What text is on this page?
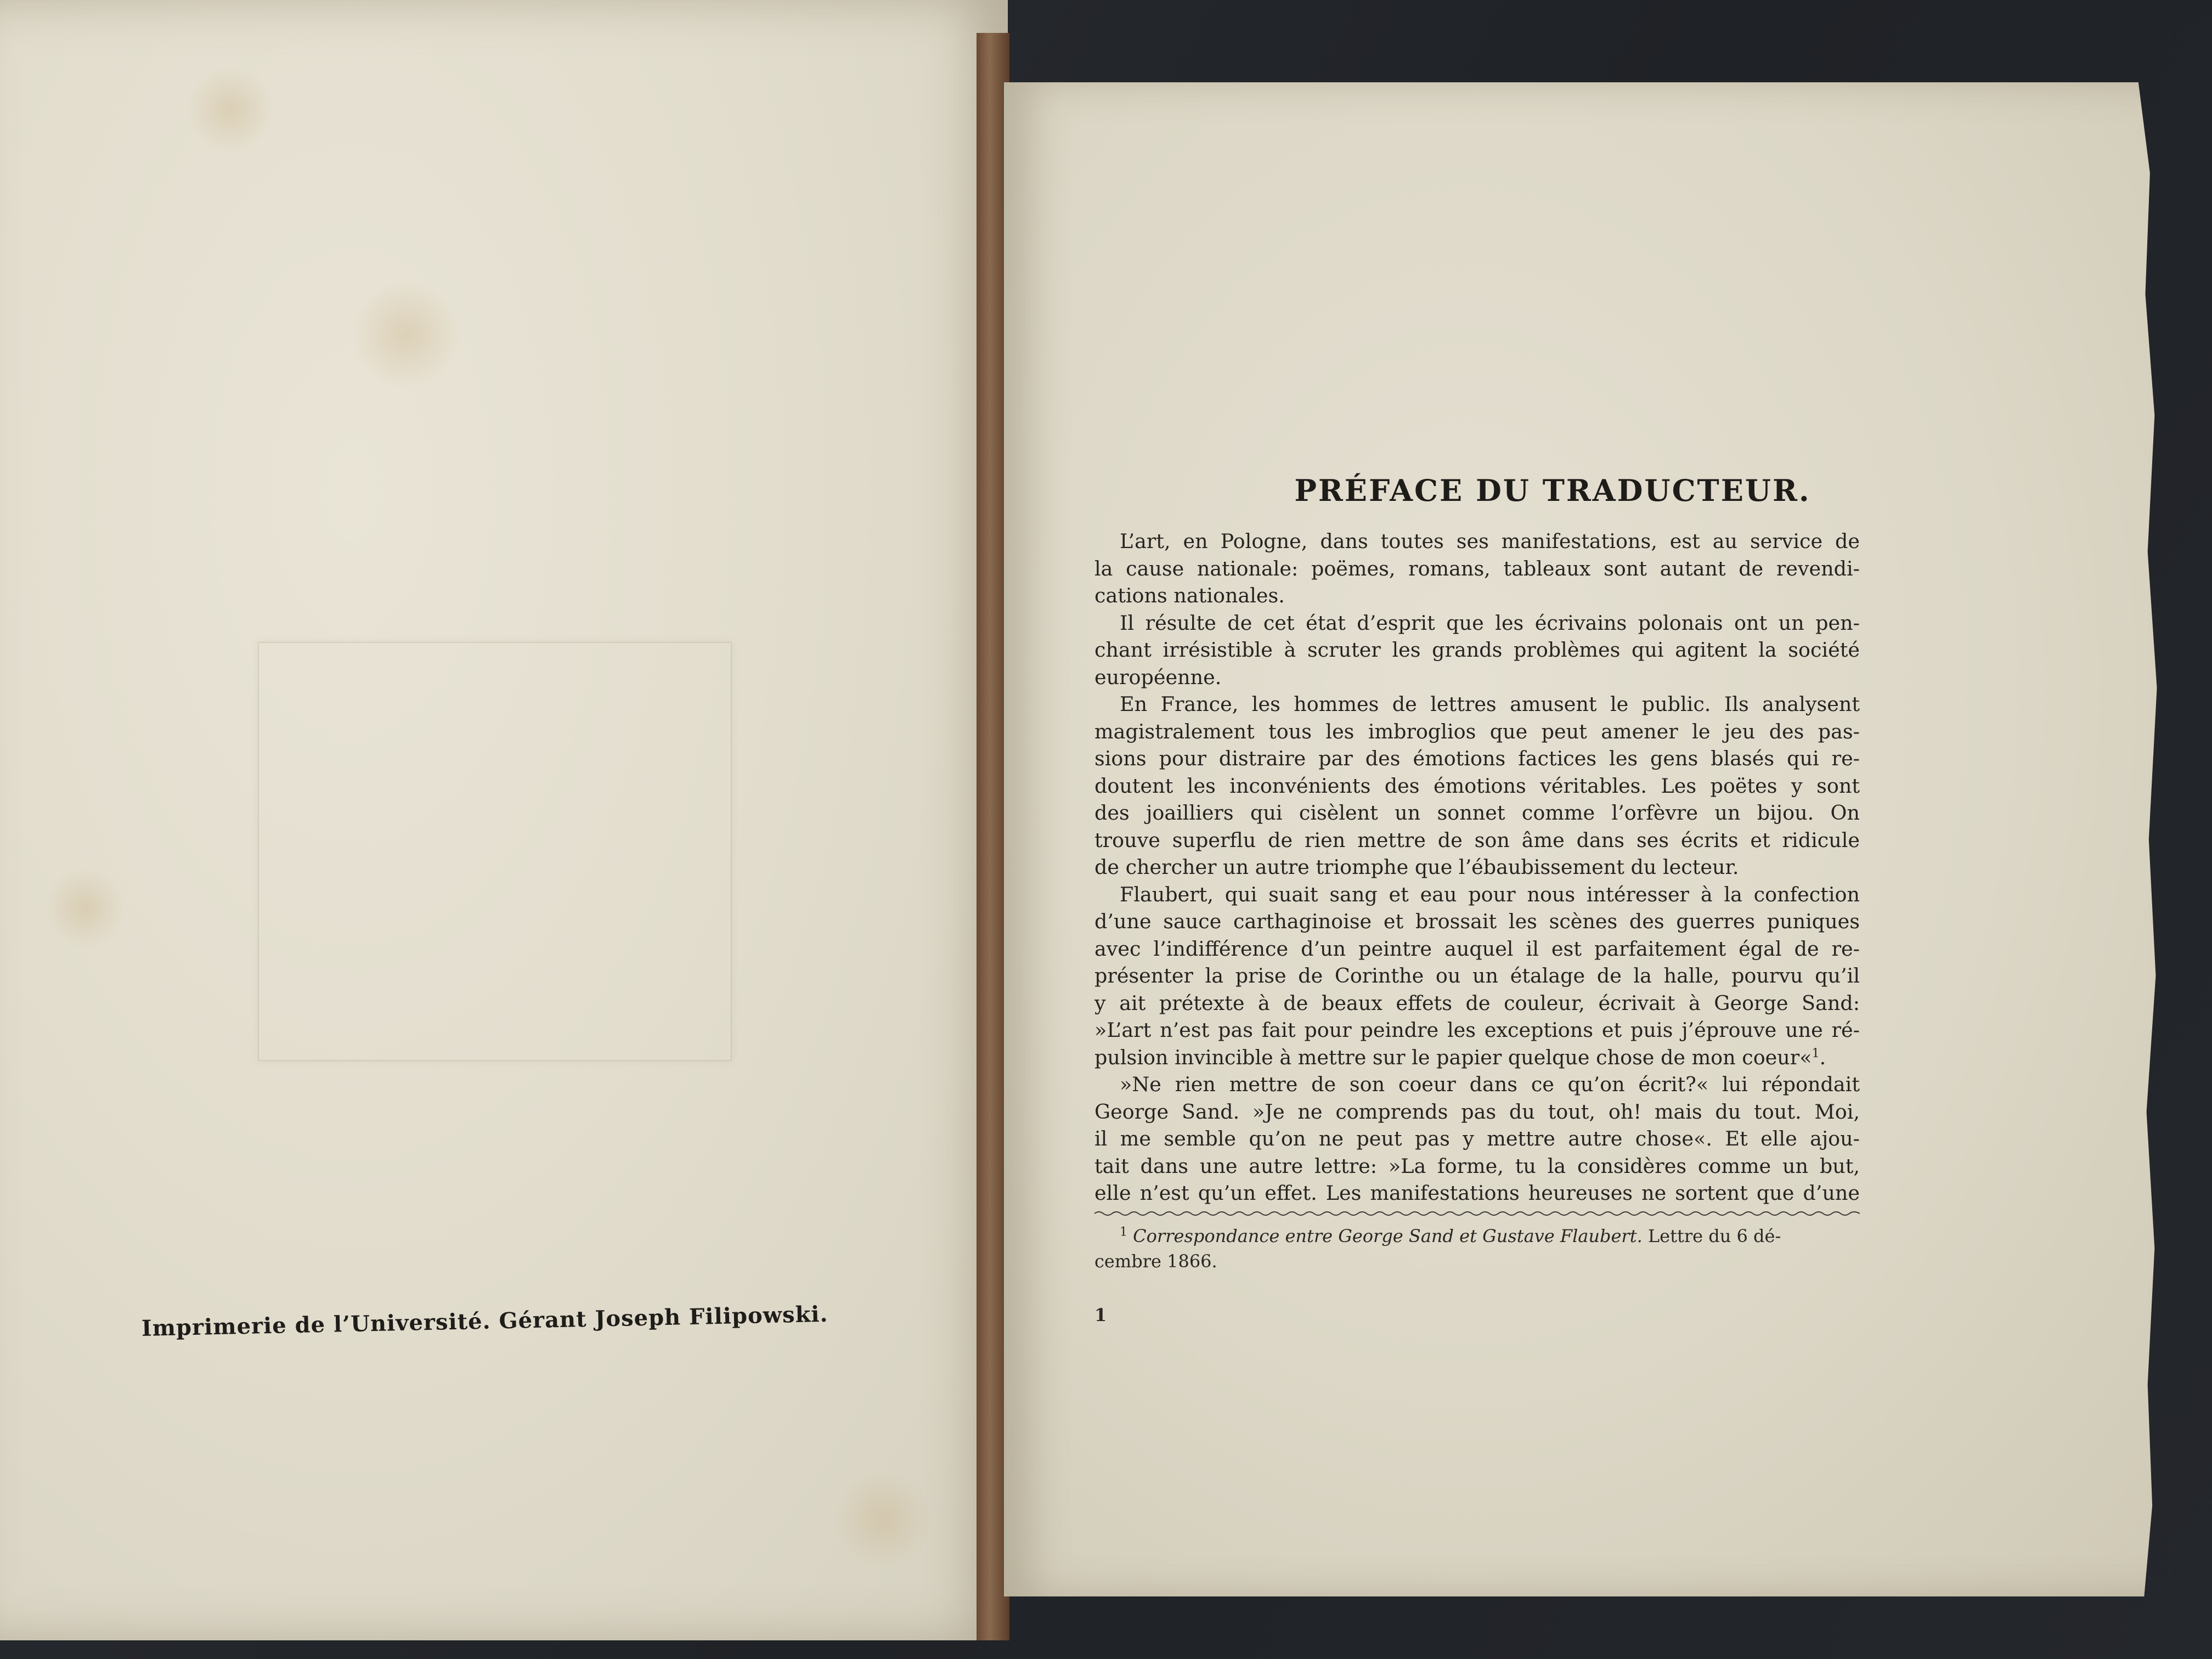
Imprimerie de l’Université. Gérant Joseph Filipowski.
PRÉFACE DU TRADUCTEUR.
L’art, en Pologne, dans toutes ses manifestations, est au service de
la cause nationale: poëmes, romans, tableaux sont autant de revendi-
cations nationales.
Il résulte de cet état d’esprit que les écrivains polonais ont un pen-
chant irrésistible à scruter les grands problèmes qui agitent la société
européenne.
En France, les hommes de lettres amusent le public. Ils analysent
magistralement tous les imbroglios que peut amener le jeu des pas-
sions pour distraire par des émotions factices les gens blasés qui re-
doutent les inconvénients des émotions véritables. Les poëtes y sont
des joailliers qui cisèlent un sonnet comme l’orfèvre un bijou. On
trouve superflu de rien mettre de son âme dans ses écrits et ridicule
de chercher un autre triomphe que l’ébaubissement du lecteur.
Flaubert, qui suait sang et eau pour nous intéresser à la confection
d’une sauce carthaginoise et brossait les scènes des guerres puniques
avec l’indifférence d’un peintre auquel il est parfaitement égal de re-
présenter la prise de Corinthe ou un étalage de la halle, pourvu qu’il
y ait prétexte à de beaux effets de couleur, écrivait à George Sand:
»L’art n’est pas fait pour peindre les exceptions et puis j’éprouve une ré-
pulsion invincible à mettre sur le papier quelque chose de mon coeur«$^1$.
»Ne rien mettre de son coeur dans ce qu’on écrit?« lui répondait
George Sand. »Je ne comprends pas du tout, oh! mais du tout. Moi,
il me semble qu’on ne peut pas y mettre autre chose«. Et elle ajou-
tait dans une autre lettre: »La forme, tu la considères comme un but,
elle n’est qu’un effet. Les manifestations heureuses ne sortent que d’une
$^1$ Correspondance entre George Sand et Gustave Flaubert. Lettre du 6 dé-
cembre 1866.
1
